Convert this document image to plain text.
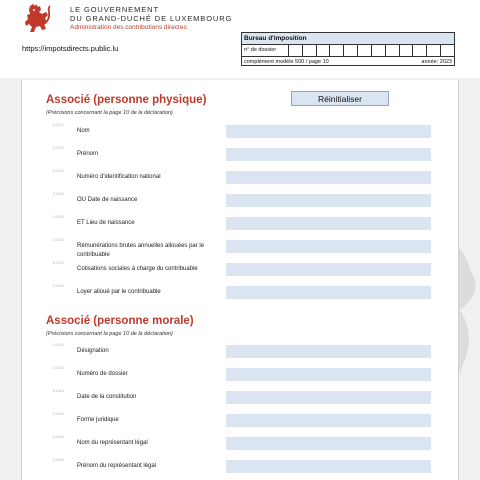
LE GOUVERNEMENT
DU GRAND-DUCHÉ DE LUXEMBOURG
Administration des contributions directes
https://impotsdirects.public.lu
Bureau d'imposition
n° de dossier
complément modèle 500 / page 10	année: 2023
Réinitialiser
Associé (personne physique)
(Précisions concernant la page 10 de la déclaration)
01101
Nom
01201
Prénom
01301
Numéro d'identification national
01401
OU Date de naissance
01501
ET Lieu de naissance
01601
Rémunérations brutes annuelles allouées par le contribuable
01701
Cotisations sociales à charge du contribuable
01801
Loyer alloué par le contribuable
Associé (personne morale)
(Précisions concernant la page 10 de la déclaration)
01104
Désignation
01204
Numéro de dossier
01304
Date de la constitution
01404
Forme juridique
01504
Nom du représentant légal
01604
Prénom du représentant légal
